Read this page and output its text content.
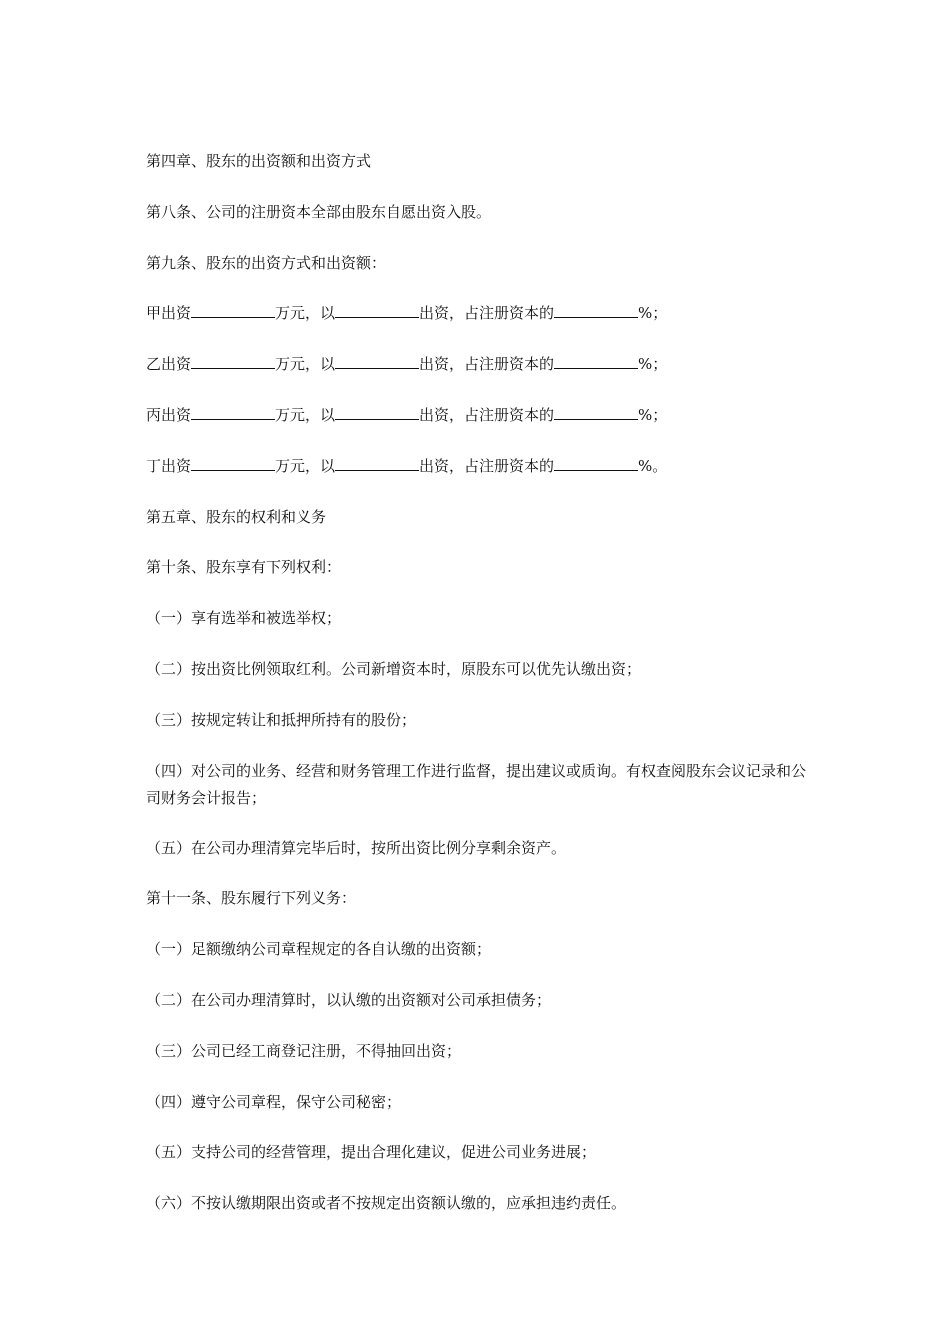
第四章、股东的出资额和出资方式

第八条、公司的注册资本全部由股东自愿出资入股。

第九条、股东的出资方式和出资额：

甲出资	万元，以	出资，占注册资本的	%；

乙出资	万元，以	出资，占注册资本的	%；

丙出资	万元，以	出资，占注册资本的	%；

丁出资	万元，以	出资，占注册资本的	%。

第五章、股东的权利和义务

第十条、股东享有下列权利：

（一）享有选举和被选举权；

（二）按出资比例领取红利。公司新增资本时，原股东可以优先认缴出资；

（三）按规定转让和抵押所持有的股份；

（四）对公司的业务、经营和财务管理工作进行监督，提出建议或质询。有权查阅股东会议记录和公司财务会计报告；

（五）在公司办理清算完毕后时，按所出资比例分享剩余资产。

第十一条、股东履行下列义务：

（一）足额缴纳公司章程规定的各自认缴的出资额；

（二）在公司办理清算时，以认缴的出资额对公司承担债务；

（三）公司已经工商登记注册，不得抽回出资；

（四）遵守公司章程，保守公司秘密；

（五）支持公司的经营管理，提出合理化建议，促进公司业务进展；

（六）不按认缴期限出资或者不按规定出资额认缴的，应承担违约责任。
